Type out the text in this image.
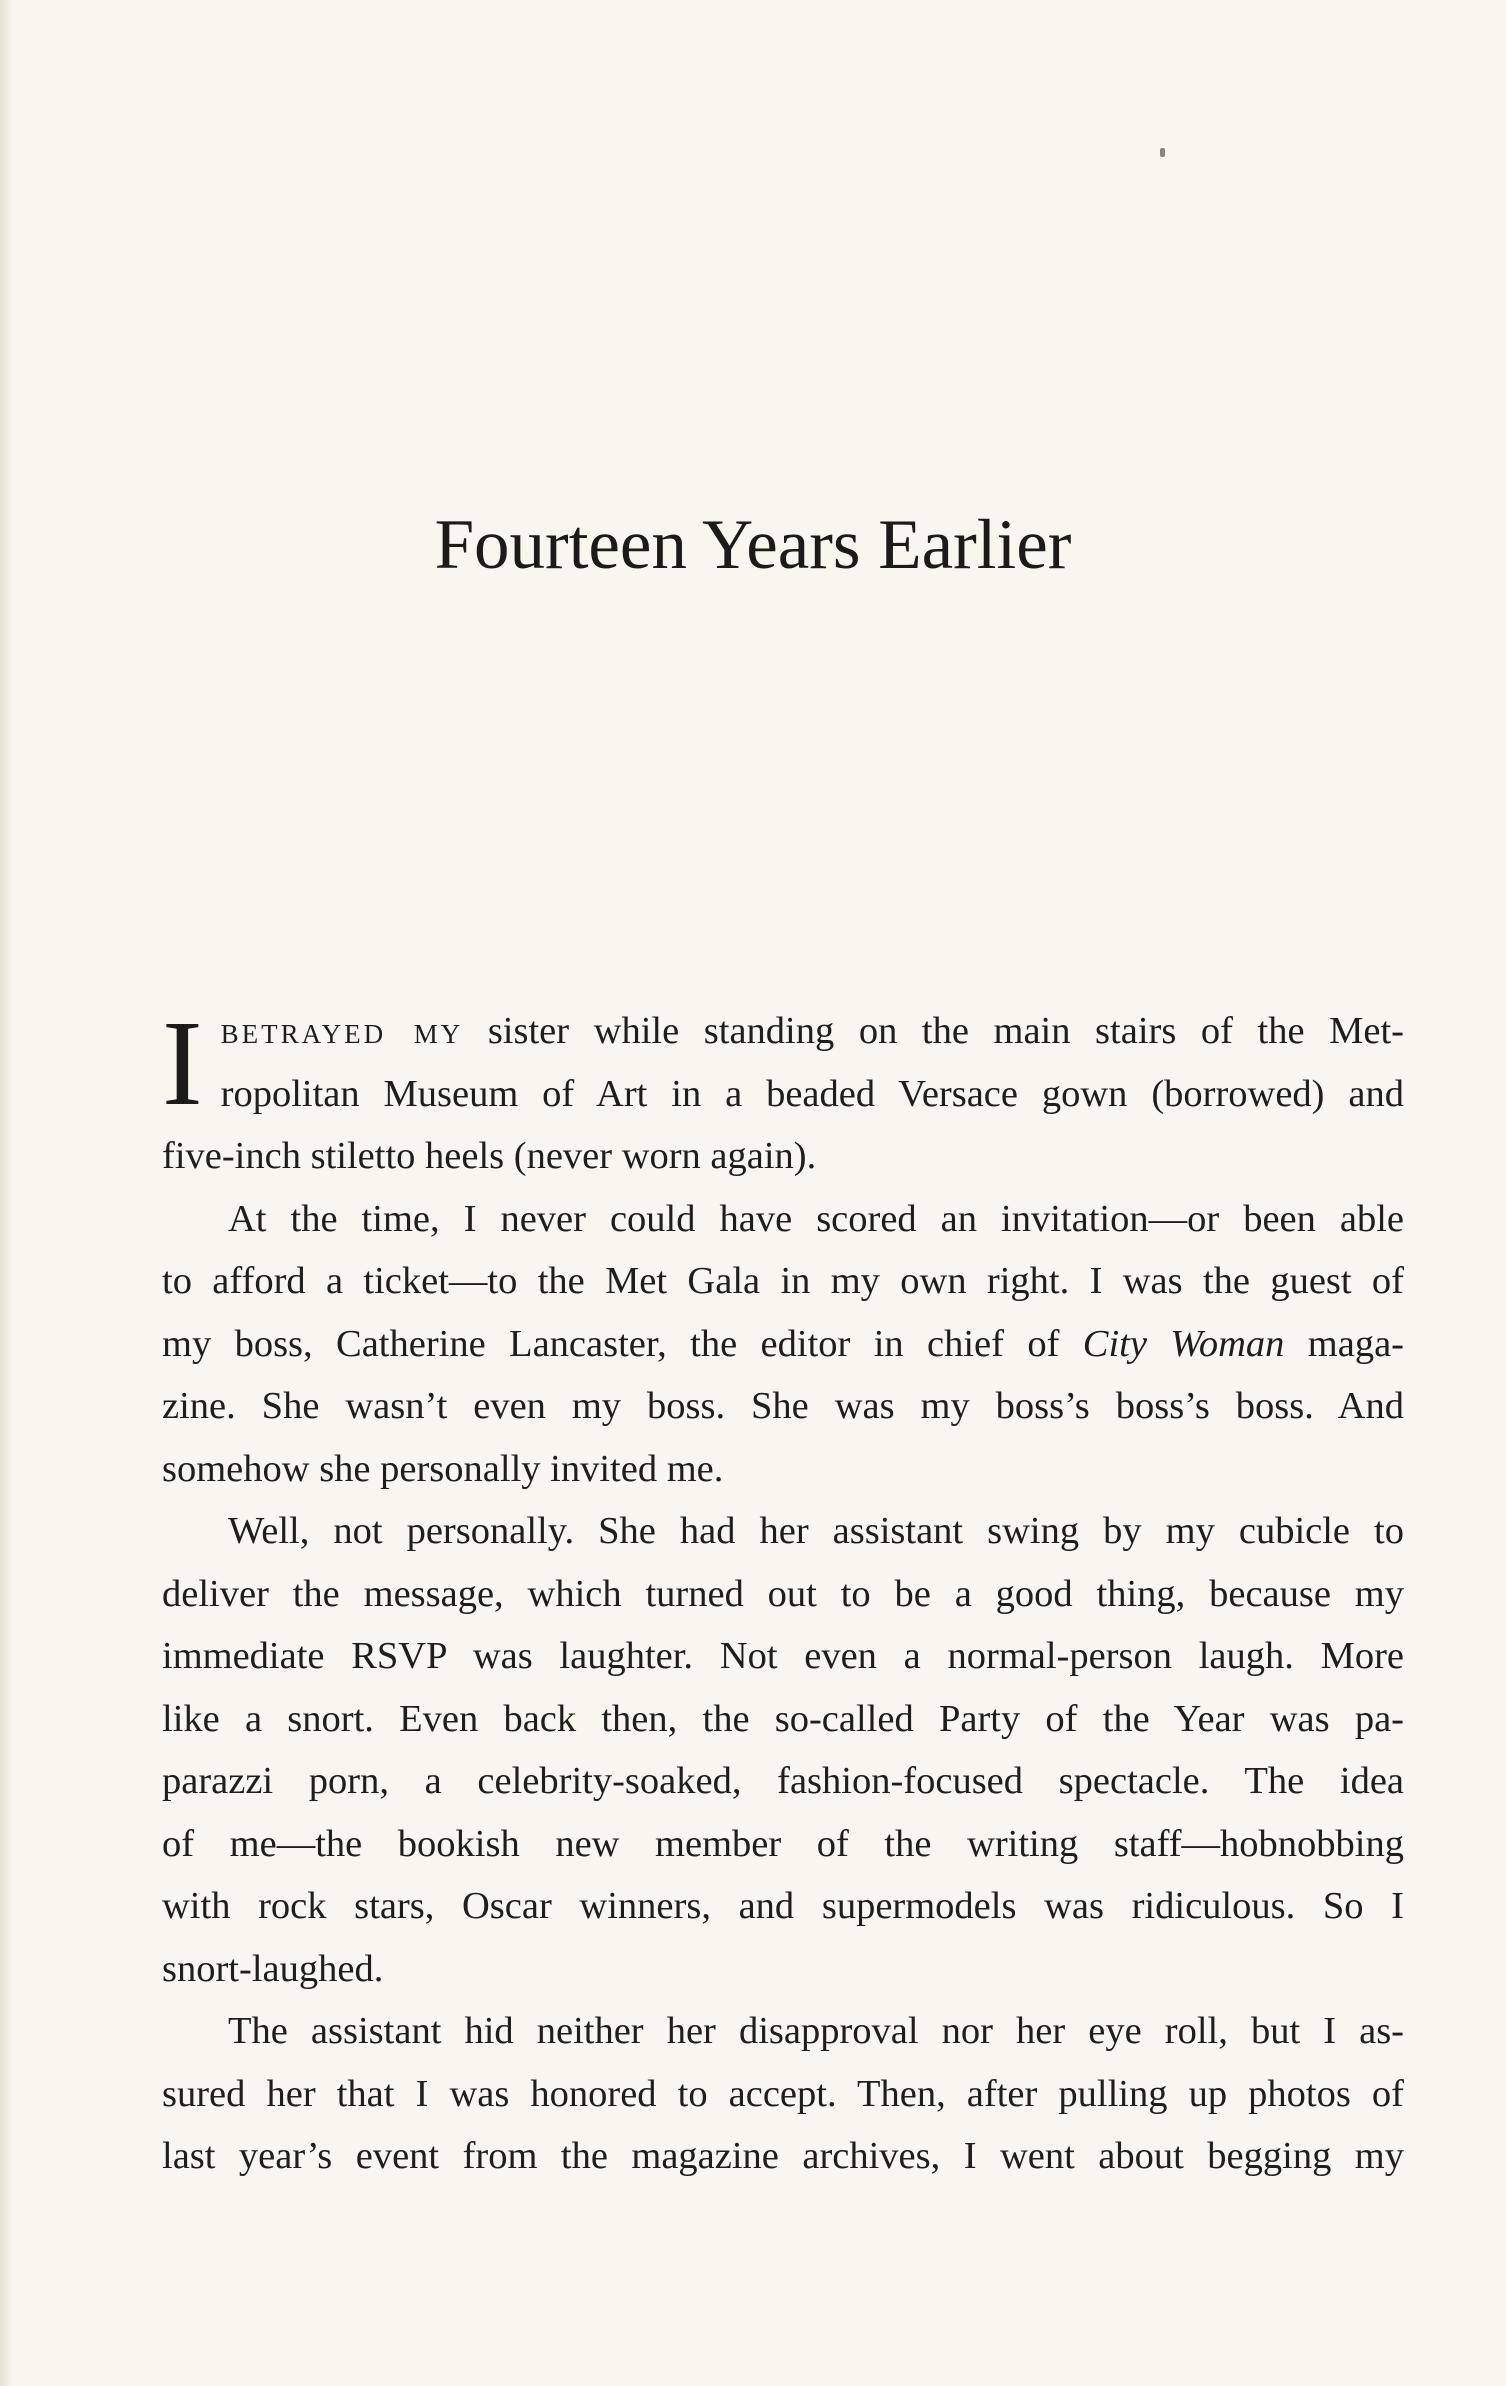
Fourteen Years Earlier

I betrayed my sister while standing on the main stairs of the Met-
ropolitan Museum of Art in a beaded Versace gown (borrowed) and
five-inch stiletto heels (never worn again).

At the time, I never could have scored an invitation—or been able
to afford a ticket—to the Met Gala in my own right. I was the guest of
my boss, Catherine Lancaster, the editor in chief of City Woman maga-
zine. She wasn’t even my boss. She was my boss’s boss’s boss. And
somehow she personally invited me.

Well, not personally. She had her assistant swing by my cubicle to
deliver the message, which turned out to be a good thing, because my
immediate RSVP was laughter. Not even a normal-person laugh. More
like a snort. Even back then, the so-called Party of the Year was pa-
parazzi porn, a celebrity-soaked, fashion-focused spectacle. The idea
of me—the bookish new member of the writing staff—hobnobbing
with rock stars, Oscar winners, and supermodels was ridiculous. So I
snort-laughed.

The assistant hid neither her disapproval nor her eye roll, but I as-
sured her that I was honored to accept. Then, after pulling up photos of
last year’s event from the magazine archives, I went about begging my
